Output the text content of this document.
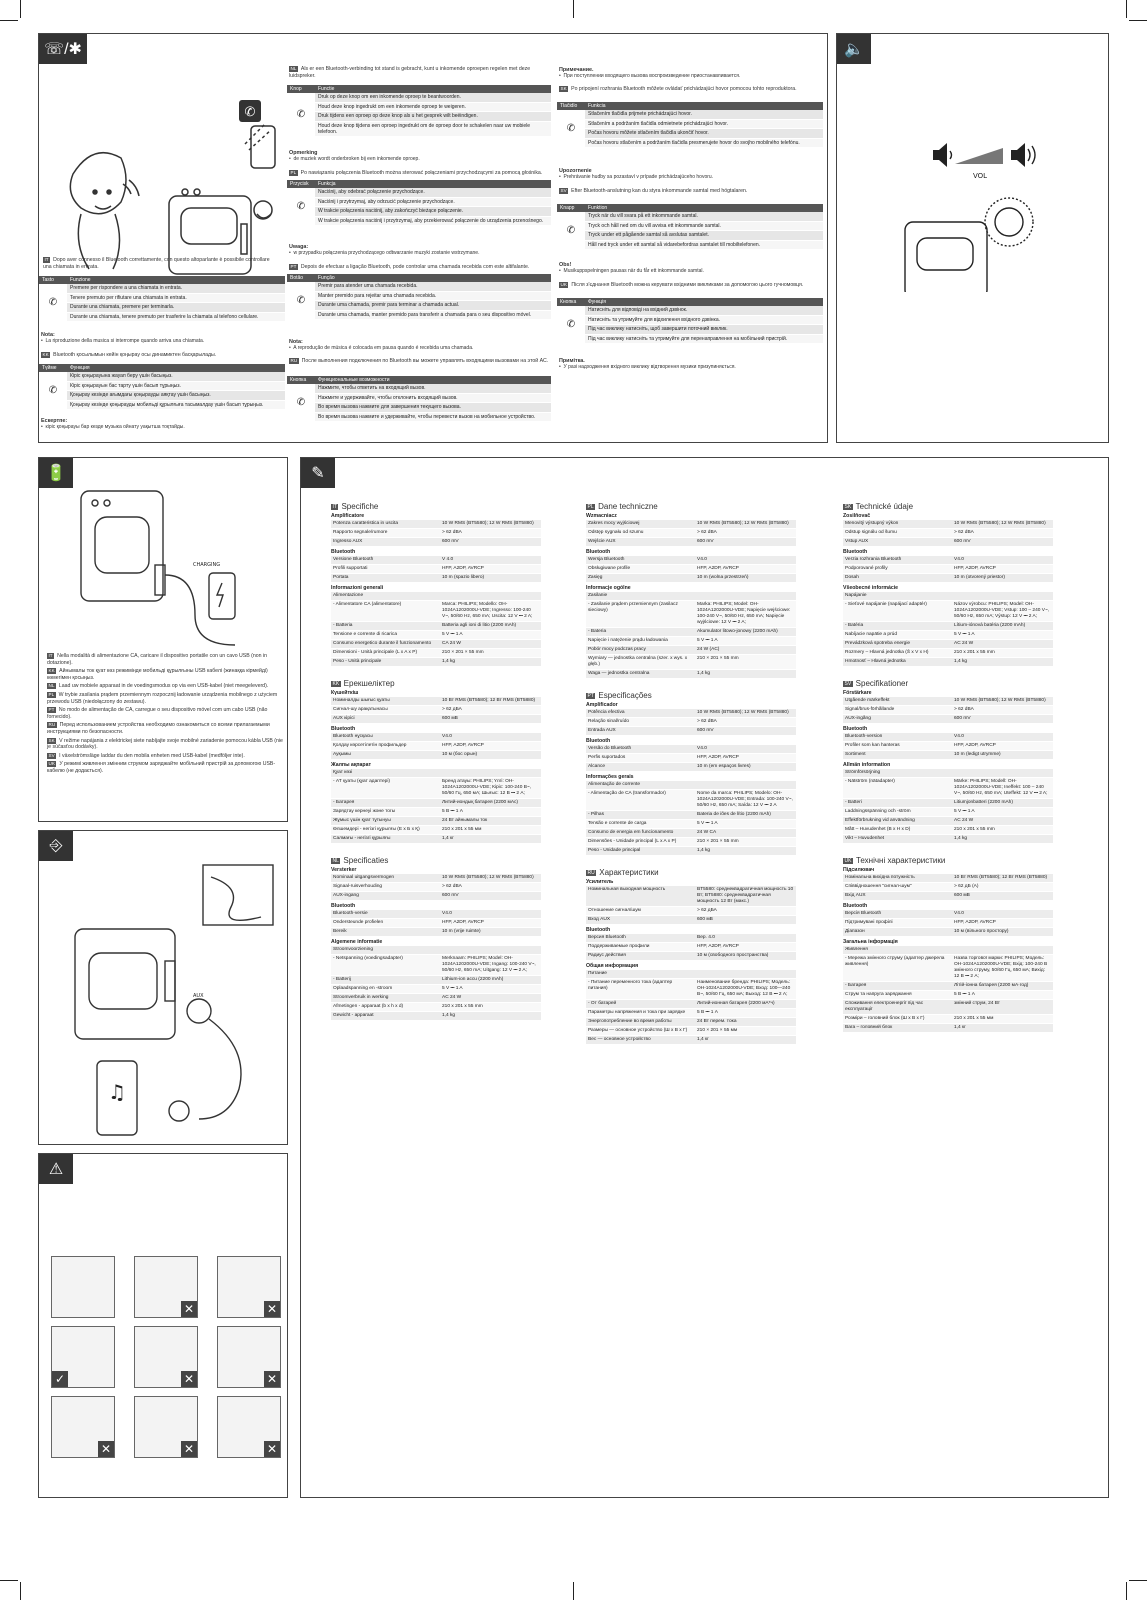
☏/✱
✆
IT Dopo aver connesso il Bluetooth correttamente, con questo altoparlante è possibile controllare una chiamata in entrata.
Tasto	Funzione
✆	Premere per rispondere a una chiamata in entrata.
	Tenere premuto per rifiutare una chiamata in entrata.
	Durante una chiamata, premere per terminarla.
	Durante una chiamata, tenere premuto per trasferire la chiamata al telefono cellulare.
Nota:
•  La riproduzione della musica si interrompe quando arriva una chiamata.
KK Bluetooth қосылымын кейін қоңырау осы динамиктен басқарылады.
Түйме	Функция
✆	Кіріс қоңырауына жауап беру үшін басыңыз.
	Кіріс қоңырауын бас тарту үшін басып тұрыңыз.
	Қоңырау кезінде ағымдағы қоңырауды аяқтау үшін басыңыз.
	Қоңырау кезінде қоңырауды мобильді құрылғыға тасымалдау үшін басып тұрыңыз.
Ескертпе:
•  кіріс қоңырауы бар кезде музыка ойнату уақытша тоқтайды.
NL Als er een Bluetooth-verbinding tot stand is gebracht, kunt u inkomende oproepen regelen met deze luidspreker.
Knop	Functie
✆	Druk op deze knop om een inkomende oproep te beantwoorden.
	Houd deze knop ingedrukt om een inkomende oproep te weigeren.
	Druk tijdens een oproep op deze knop als u het gesprek wilt beëindigen.
	Houd deze knop tijdens een oproep ingedrukt om de oproep door te schakelen naar uw mobiele telefoon.
Opmerking
•  de muziek wordt onderbroken bij een inkomende oproep.
PL Po nawiązaniu połączenia Bluetooth można sterować połączeniami przychodzącymi za pomocą głośnika.
Przycisk	Funkcja
✆	Naciśnij, aby odebrać połączenie przychodzące.
	Naciśnij i przytrzymaj, aby odrzucić połączenie przychodzące.
	W trakcie połączenia naciśnij, aby zakończyć bieżące połączenie.
	W trakcie połączenia naciśnij i przytrzymaj, aby przekierować połączenie do urządzenia przenośnego.
Uwaga:
•  w przypadku połączenia przychodzącego odtwarzanie muzyki zostanie wstrzymane.
PT Depois de efectuar a ligação Bluetooth, pode controlar uma chamada recebida com este altifalante.
Botão	Função
✆	Premir para atender uma chamada recebida.
	Manter premido para rejeitar uma chamada recebida.
	Durante uma chamada, premir para terminar a chamada actual.
	Durante uma chamada, manter premido para transferir a chamada para o seu dispositivo móvel.
Nota:
•  A reprodução de música é colocada em pausa quando é recebida uma chamada.
RU После выполнения подключения по Bluetooth вы можете управлять входящими вызовами на этой АС.
Кнопка	Функциональные возможности
✆	Нажмите, чтобы ответить на входящий вызов.
	Нажмите и удерживайте, чтобы отклонить входящий вызов.
	Во время вызова нажмите для завершения текущего вызова.
	Во время вызова нажмите и удерживайте, чтобы перевести вызов на мобильное устройство.
Примечание.
•  При поступлении входящего вызова воспроизведение приостанавливается.
SK Po pripojení rozhrania Bluetooth môžete ovládať prichádzajúci hovor pomocou tohto reproduktora.
Tlačidlo	Funkcia
✆	Stlačením tlačidla prijmete prichádzajúci hovor.
	Stlačením a podržaním tlačidla odmietnete prichádzajúci hovor.
	Počas hovoru môžete stlačením tlačidla ukončiť hovor.
	Počas hovoru stlačením a podržaním tlačidla presmerujete hovor do svojho mobilného telefónu.
Upozornenie
•  Prehrávanie hudby sa pozastaví v prípade prichádzajúceho hovoru.
SV Efter Bluetooth-anslutning kan du styra inkommande samtal med högtalaren.
Knapp	Funktion
✆	Tryck när du vill svara på ett inkommande samtal.
	Tryck och håll ned om du vill avvisa ett inkommande samtal.
	Tryck under ett pågående samtal så avslutas samtalet.
	Håll ned tryck under ett samtal så vidarebefordras samtalet till mobiltelefonen.
Obs!
•  Musikuppspelningen pausas när du får ett inkommande samtal.
UK Після з'єднання Bluetooth можна керувати вхідними викликами за допомогою цього гучномовця.
Кнопка	Функція
✆	Натисніть для відповіді на вхідний дзвінок.
	Натисніть та утримуйте для відхилення вхідного дзвінка.
	Під час виклику натисніть, щоб завершити поточний виклик.
	Під час виклику натисніть та утримуйте для перенаправлення на мобільний пристрій.
Примітка.
•  У разі надходження вхідного виклику відтворення музики призупиняється.
🔈
VOL
🔋
CHARGING
IT Nella modalità di alimentazione CA, caricare il dispositivo portatile con un cavo USB (non in dotazione).
KK Айнымалы ток қуат көз режимінде мобильді құрылғыны USB кабелі (жинаққа кірмейді) көмегімен қосыңыз.
NL Laad uw mobiele apparaat in de voedingsmodus op via een USB-kabel (niet meegeleverd).
PL W trybie zasilania prądem przemiennym rozpocznij ładowanie urządzenia mobilnego z użyciem przewodu USB (niedołączony do zestawu).
PT No modo de alimentação de CA, carregue o seu dispositivo móvel com um cabo USB (não fornecido).
RU Перед использованием устройства необходимо ознакомиться со всеми прилагаемыми инструкциями по безопасности.
SK V režime napájania z elektrickej siete nabíjajte svoje mobilné zariadenie pomocou kábla USB (nie je súčasťou dodávky).
SV I växelströmsläge laddar du den mobila enheten med USB-kabel (medföljer inte).
UK У режимі живлення змінним струмом заряджайте мобільний пристрій за допомогою USB-кабелю (не додається).
⎆
AUX
♫
⚠
✕	✕
✓	✕	✕
✕	✕	✕
✎
IT Specifiche
Amplificatore
Potenza caratteristica in uscita	10 W RMS (BT5580); 12 W RMS (BT5880)
Rapporto segnale/rumore	> 62 dBA
Ingresso AUX	600 mV
Bluetooth
Versione Bluetooth	V 4.0
Profili supportati	HFP, A2DP, AVRCP
Portata	10 m (spazio libero)
Informazioni generali
Alimentazione	
- Alimentatore CA (alimentatore)	Marca: PHILIPS; Modello: OH-1024A1202000U-VDE; Ingresso: 100-240 V~, 50/60 Hz, 650 mA; Uscita: 12 V ⎓ 2 A;
- Batteria	Batteria agli ioni di litio (2200 mAh)
Tensione e corrente di ricarica	5 V ⎓ 1 A
Consumo energetico durante il funzionamento	CA 24 W
Dimensioni - Unità principale (L x A x P)	210 × 201 × 55 mm
Peso - Unità principale	1,4 kg
KK Ерекшеліктер
Күшейткіш
Номиналды шығыс қуаты	10 Вт RMS (BT5580); 12 Вт RMS (BT5880)
Сигнал-шу арақатынасы	> 62 дБА
AUX кірісі	600 мВ
Bluetooth
Bluetooth нұсқасы	V4.0
Қолдау көрсетілетін профильдер	HFP, A2DP, AVRCP
Ауқымы	10 м (бос орын)
Жалпы ақпарат
Қуат көзі	
- АТ қуаты (қуат адаптері)	Бренд атауы: PHILIPS; Үлгі: OH-1024A1202000U-VDE; Кіріс: 100-240 В~, 50/60 Гц, 650 мА; Шығыс: 12 В ⎓ 2 А;
- Батарея	Литий-иондық батарея (2200 мАс)
Зарядтау кернеуі және тогы	5 В ⎓ 1 А
Жұмыс үшін қуат тұтынуы	24 Вт айнымалы ток
Өлшемдері - негізгі құрылғы (Е x Б x Қ)	210 x 201 x 55 мм
Салмағы - негізгі құрылғы	1,4 кг
NL Specificaties
Versterker
Nominaal uitgangsvermogen	10 W RMS (BT5580); 12 W RMS (BT5880)
Signaal-ruisverhouding	> 62 dBA
AUX-ingang	600 mV
Bluetooth
Bluetooth-versie	V4.0
Ondersteunde profielen	HFP, A2DP, AVRCP
Bereik	10 m (vrije ruimte)
Algemene informatie
Stroomvoorziening	
- Netspanning (voedingsadapter)	Merknaam: PHILIPS; Model: OH-1024A1202000U-VDE; Ingang: 100-240 V~, 50/60 Hz, 650 mA; Uitgang: 12 V ⎓ 2 A;
- Batterij	Lithium-ion accu (2200 mAh)
Oplaadspanning en -stroom	5 V ⎓ 1 A
Stroomverbruik in werking	AC 24 W
Afmetingen - apparaat (b x h x d)	210 x 201 x 55 mm
Gewicht - apparaat	1,4 kg
PL Dane techniczne
Wzmacniacz
Zakres mocy wyjściowej	10 W RMS (BT5580); 12 W RMS (BT5880)
Odstęp sygnału od szumu	> 62 dBA
Wejście AUX	600 mV
Bluetooth
Wersja Bluetooth	V4.0
Obsługiwane profile	HFP, A2DP, AVRCP
Zasięg	10 m (wolna przestrzeń)
Informacje ogólne
Zasilanie	
- Zasilanie prądem przemiennym (zasilacz sieciowy)	Marka: PHILIPS; Model: OH-1024A1202000U-VDE; Napięcie wejściowe: 100-240 V~, 50/60 Hz, 650 mA; Napięcie wyjściowe: 12 V ⎓ 2 A;
- Bateria	Akumulator litowo-jonowy (2200 mAh)
Napięcie i natężenie prądu ładowania	5 V ⎓ 1 A
Pobór mocy podczas pracy	24 W (AC)
Wymiary — jednostka centralna (szer. x wys. x głęb.)	210 × 201 × 55 mm
Waga — jednostka centralna	1,4 kg
PT Especificações
Amplificador
Potência efectiva	10 W RMS (BT5580); 12 W RMS (BT5880)
Relação sinal/ruído	> 62 dBA
Entrada AUX	600 mV
Bluetooth
Versão do Bluetooth	V4.0
Perfis suportados	HFP, A2DP, AVRCP
Alcance	10 m (em espaços livres)
Informações gerais
Alimentação de corrente	
- Alimentação de CA (transformador)	Nome da marca: PHILIPS; Modelo: OH-1024A1202000U-VDE; Entrada: 100-240 V~, 50/60 Hz, 650 mA; Saída: 12 V ⎓ 2 A
- Pilhas	Bateria de iões de lítio (2200 mAh)
Tensão e corrente de carga	5 V ⎓ 1 A
Consumo de energia em funcionamento	24 W CA
Dimensões - Unidade principal (L x A x P)	210 × 201 × 55 mm
Peso - Unidade principal	1,4 kg
RU Характеристики
Усилитель
Номинальная выходная мощность	BT5580: среднеквадратичная мощность 10 Вт; BT5880: среднеквадратичная мощность 12 Вт (макс.)
Отношение сигнал/шум	> 62 дБА
Вход AUX	600 мВ
Bluetooth
Версия Bluetooth	Вер. 4.0
Поддерживаемые профили	HFP, A2DP, AVRCP
Радиус действия	10 м (свободного пространства)
Общая информация
Питание	
- Питание переменного тока (адаптер питания)	Наименование бренда: PHILIPS; Модель: OH-1024A1202000U-VDE; Вход: 100—240 В~, 50/60 Гц, 650 мА; Выход: 12 В ⎓ 2 А;
- От батарей	Литий-ионная батарея (2200 мА*ч)
Параметры напряжения и тока при зарядке	5 В ⎓ 1 А
Энергопотребление во время работы	24 Вт перем. тока
Размеры — основное устройство (Ш x В x Г)	210 × 201 × 55 мм
Вес — основное устройство	1,4 кг
SK Technické údaje
Zosilňovač
Menovitý výstupný výkon	10 W RMS (BT5580); 12 W RMS (BT5880)
Odstup signálu od šumu	> 62 dBA
Vstup AUX	600 mV
Bluetooth
Verzia rozhrania Bluetooth	V4.0
Podporované profily	HFP, A2DP, AVRCP
Dosah	10 m (otvorený priestor)
Všeobecné informácie
Napájanie	
- Sieťové napájanie (napájací adaptér)	Názov výrobcu: PHILIPS; Model: OH-1024A1202000U-VDE; Vstup: 100 – 240 V~, 50/60 Hz, 650 mA; Výstup: 12 V ⎓ 2 A;
- Batéria	Lítium-iónová batéria (2200 mAh)
Nabíjacie napätie a prúd	5 V ⎓ 1 A
Prevádzková spotreba energie	AC 24 W
Rozmery – Hlavná jednotka (Š x V x H)	210 x 201 x 55 mm
Hmotnosť – Hlavná jednotka	1,4 kg
SV Specifikationer
Förstärkare
Utgående märkeffekt	10 W RMS (BT5580); 12 W RMS (BT5880)
Signal/brus-förhållande	> 62 dBA
AUX-ingång	600 mV
Bluetooth
Bluetooth-version	V4.0
Profiler som kan hanteras	HFP, A2DP, AVRCP
Sortiment	10 m (ledigt utrymme)
Allmän information
Strömförsörjning	
- Nätström (nätadapter)	Märke: PHILIPS; Modell: OH-1024A1202000U-VDE; Ineffekt: 100 – 240 V~, 50/60 Hz, 650 mA; Uteffekt: 12 V ⎓ 2 A;
- Batteri	Litiumjonbatteri (2200 mAh)
Laddningsspänning och -ström	5 V ⎓ 1 A
Effektförbrukning vid användning	AC 24 W
Mått – Huvudenhet (B x H x D)	210 x 201 x 55 mm
Vikt – Huvudenhet	1,4 kg
UK Технічні характеристики
Підсилювач
Номінальна вихідна потужність	10 Вт RMS (BT5580); 12 Вт RMS (BT5880)
Співвідношення "сигнал-шум"	> 62 дБ (A)
Вхід AUX	600 мВ
Bluetooth
Версія Bluetooth	V4.0
Підтримувані профілі	HFP, A2DP, AVRCP
Діапазон	10 м (вільного простору)
Загальна інформація
Живлення	
- Мережа змінного струму (адаптер джерела живлення)	Назва торгової марки: PHILIPS; Модель: OH-1024A1202000U-VDE; Вхід: 100-240 В змінного струму, 50/60 Гц, 650 мА; Вихід: 12 В ⎓ 2 А;
- Батарея	Літій-іонна батарея (2200 мА·год)
Струм та напруга заряджання	5 В ⎓ 1 А
Споживання електроенергії під час експлуатації	змінний струм, 24 Вт
Розміри – головний блок (Ш x В x Г)	210 x 201 x 55 мм
Вага – головний блок	1,4 кг
